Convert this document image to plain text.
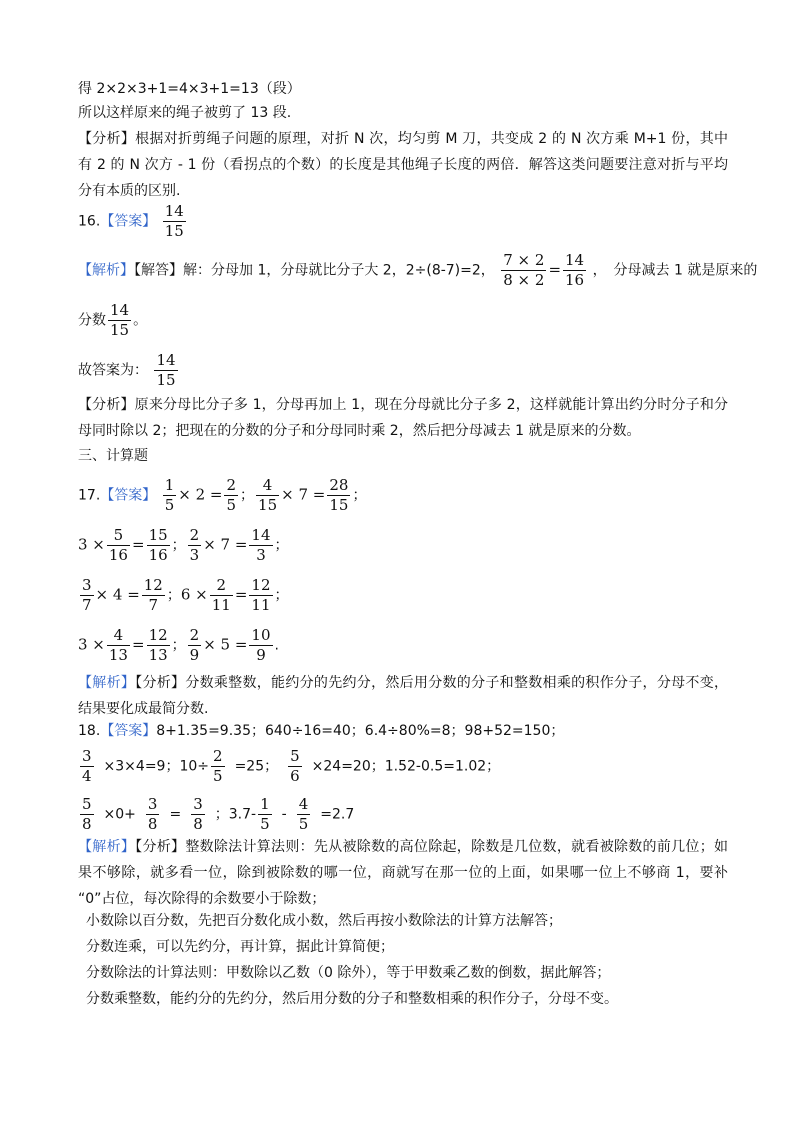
得 2×2×3+1=4×3+1=13（段）
所以这样原来的绳子被剪了 13 段.
【分析】根据对折剪绳子问题的原理，对折 N 次，均匀剪 M 刀，共变成 2 的 N 次方乘 M+1 份，其中有 2 的 N 次方 - 1 份（看拐点的个数）的长度是其他绳子长度的两倍．解答这类问题要注意对折与平均分有本质的区别.
16.【答案】 $\frac{14}{15}$
【解析】【解答】解：分母加 1，分母就比分子大 2，2÷(8-7)=2， $\frac{7 \times 2}{8 \times 2} = \frac{14}{16}$ ，　分母减去 1 就是原来的
分数 $\frac{14}{15}$ 。
故答案为： $\frac{14}{15}$
【分析】原来分母比分子多 1，分母再加上 1，现在分母就比分子多 2，这样就能计算出约分时分子和分母同时除以 2；把现在的分数的分子和分母同时乘 2，然后把分母减去 1 就是原来的分数。
三、计算题
17.【答案】 $\frac{1}{5} \times 2 = \frac{2}{5}$ ； $\frac{4}{15} \times 7 = \frac{28}{15}$ ；
$3 \times \frac{5}{16} = \frac{15}{16}$ ； $\frac{2}{3} \times 7 = \frac{14}{3}$ ；
$\frac{3}{7} \times 4 = \frac{12}{7}$ ；$6 \times \frac{2}{11} = \frac{12}{11}$ ；
$3 \times \frac{4}{13} = \frac{12}{13}$ ； $\frac{2}{9} \times 5 = \frac{10}{9}$ .
【解析】【分析】分数乘整数，能约分的先约分，然后用分数的分子和整数相乘的积作分子，分母不变，结果要化成最简分数.
18.【答案】8+1.35=9.35；640÷16=40；6.4÷80%=8；98+52=150；
$\frac{3}{4} \times 3\times 4=9$；$10\div \frac{2}{5} =25$； $\frac{5}{6} \times 24=20$；1.52-0.5=1.02；
$\frac{5}{8} \times 0+ \frac{3}{8} = \frac{3}{8}$ ；$3.7- \frac{1}{5} - \frac{4}{5} =2.7$
【解析】【分析】整数除法计算法则：先从被除数的高位除起，除数是几位数，就看被除数的前几位；如果不够除，就多看一位，除到被除数的哪一位，商就写在那一位的上面，如果哪一位上不够商 1，要补 “0”占位，每次除得的余数要小于除数；
小数除以百分数，先把百分数化成小数，然后再按小数除法的计算方法解答；
分数连乘，可以先约分，再计算，据此计算简便；
分数除法的计算法则：甲数除以乙数（0 除外），等于甲数乘乙数的倒数，据此解答；
分数乘整数，能约分的先约分，然后用分数的分子和整数相乘的积作分子，分母不变。
